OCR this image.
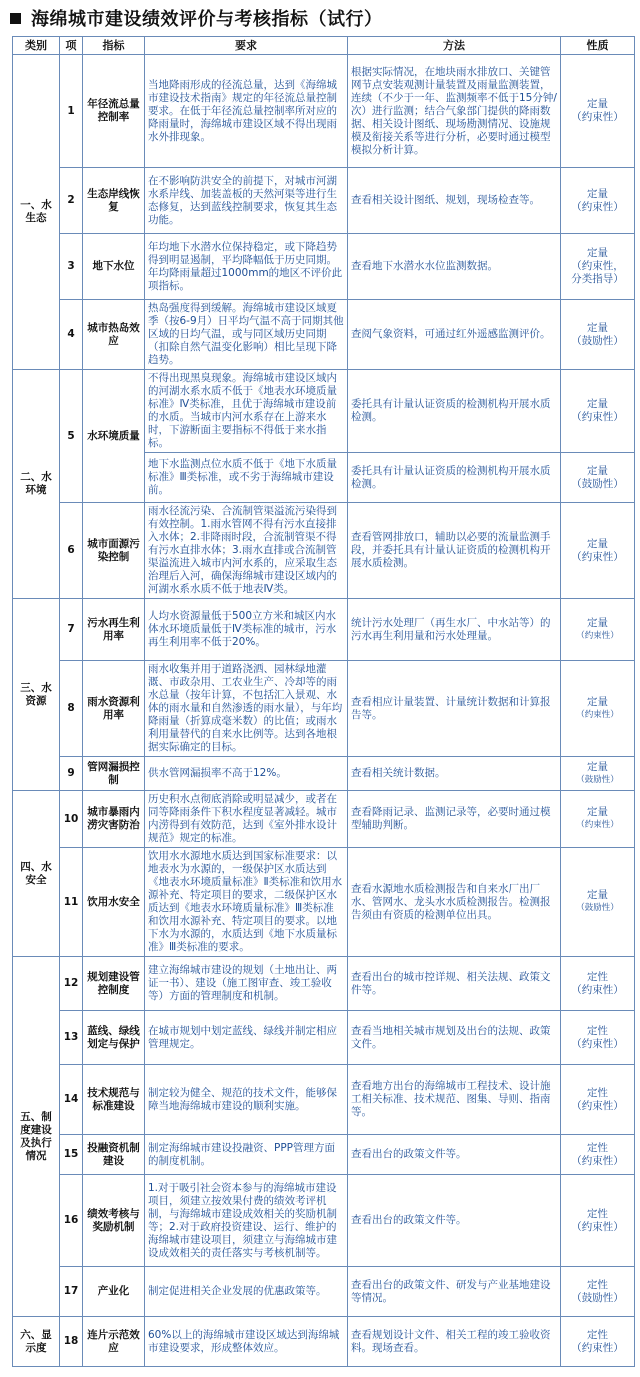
海绵城市建设绩效评价与考核指标（试行）
类别	项	指标	要求	方法	性质
一、水生态	1	年径流总量控制率	当地降雨形成的径流总量，达到《海绵城市建设技术指南》规定的年径流总量控制要求。在低于年径流总量控制率所对应的降雨量时，海绵城市建设区域不得出现雨水外排现象。	根据实际情况，在地块雨水排放口、关键管网节点安装观测计量装置及雨量监测装置，连续（不少于一年、监测频率不低于15分钟/次）进行监测；结合气象部门提供的降雨数据、相关设计图纸、现场勘测情况、设施规模及衔接关系等进行分析，必要时通过模型模拟分析计算。	定量
（约束性）

	2	生态岸线恢复	在不影响防洪安全的前提下，对城市河湖水系岸线、加装盖板的天然河渠等进行生态修复，达到蓝线控制要求，恢复其生态功能。	查看相关设计图纸、规划，现场检查等。	定量
（约束性）

	3	地下水位	年均地下水潜水位保持稳定，或下降趋势得到明显遏制，平均降幅低于历史同期。年均降雨量超过1000mm的地区不评价此项指标。	查看地下水潜水水位监测数据。	定量
（约束性，
分类指导）

	4	城市热岛效应	热岛强度得到缓解。海绵城市建设区域夏季（按6-9月）日平均气温不高于同期其他区域的日均气温，或与同区域历史同期（扣除自然气温变化影响）相比呈现下降趋势。	查阅气象资料，可通过红外遥感监测评价。	定量
（鼓励性）

二、水环境	5	水环境质量	不得出现黑臭现象。海绵城市建设区域内的河湖水系水质不低于《地表水环境质量标准》Ⅳ类标准，且优于海绵城市建设前的水质。当城市内河水系存在上游来水时，下游断面主要指标不得低于来水指标。	委托具有计量认证资质的检测机构开展水质检测。	定量
（约束性）

			地下水监测点位水质不低于《地下水质量标准》Ⅲ类标准，或不劣于海绵城市建设前。	委托具有计量认证资质的检测机构开展水质检测。	定量
（鼓励性）

	6	城市面源污染控制	雨水径流污染、合流制管渠溢流污染得到有效控制。1.雨水管网不得有污水直接排入水体；2.非降雨时段，合流制管渠不得有污水直排水体；3.雨水直排或合流制管渠溢流进入城市内河水系的，应采取生态治理后入河，确保海绵城市建设区域内的河湖水系水质不低于地表Ⅳ类。	查看管网排放口，辅助以必要的流量监测手段，并委托具有计量认证资质的检测机构开展水质检测。	定量
（约束性）

三、水资源	7	污水再生利用率	人均水资源量低于500立方米和城区内水体水环境质量低于Ⅳ类标准的城市，污水再生利用率不低于20%。	统计污水处理厂（再生水厂、中水站等）的污水再生利用量和污水处理量。	定量
（约束性）

	8	雨水资源利用率	雨水收集并用于道路浇洒、园林绿地灌溉、市政杂用、工农业生产、冷却等的雨水总量（按年计算，不包括汇入景观、水体的雨水量和自然渗透的雨水量），与年均降雨量（折算成毫米数）的比值；或雨水利用量替代的自来水比例等。达到各地根据实际确定的目标。	查看相应计量装置、计量统计数据和计算报告等。	定量
（约束性）

	9	管网漏损控制	供水管网漏损率不高于12%。	查看相关统计数据。	定量
（鼓励性）

四、水安全	10	城市暴雨内涝灾害防治	历史积水点彻底消除或明显减少，或者在同等降雨条件下积水程度显著减轻。城市内涝得到有效防范，达到《室外排水设计规范》规定的标准。	查看降雨记录、监测记录等，必要时通过模型辅助判断。	定量
（约束性）

	11	饮用水安全	饮用水水源地水质达到国家标准要求：以地表水为水源的，一级保护区水质达到《地表水环境质量标准》Ⅱ类标准和饮用水源补充、特定项目的要求，二级保护区水质达到《地表水环境质量标准》Ⅲ类标准和饮用水源补充、特定项目的要求。以地下水为水源的，水质达到《地下水质量标准》Ⅲ类标准的要求。	查看水源地水质检测报告和自来水厂出厂水、管网水、龙头水水质检测报告。检测报告须由有资质的检测单位出具。	定量
（鼓励性）

五、制度建设及执行情况	12	规划建设管控制度	建立海绵城市建设的规划（土地出让、两证一书）、建设（施工图审查、竣工验收等）方面的管理制度和机制。	查看出台的城市控详规、相关法规、政策文件等。	定性
（约束性）

	13	蓝线、绿线划定与保护	在城市规划中划定蓝线、绿线并制定相应管理规定。	查看当地相关城市规划及出台的法规、政策文件。	定性
（约束性）

	14	技术规范与标准建设	制定较为健全、规范的技术文件，能够保障当地海绵城市建设的顺利实施。	查看地方出台的海绵城市工程技术、设计施工相关标准、技术规范、图集、导则、指南等。	定性
（约束性）

	15	投融资机制建设	制定海绵城市建设投融资、PPP管理方面的制度机制。	查看出台的政策文件等。	定性
（约束性）

	16	绩效考核与奖励机制	1.对于吸引社会资本参与的海绵城市建设项目，须建立按效果付费的绩效考评机制，与海绵城市建设成效相关的奖励机制等；2.对于政府投资建设、运行、维护的海绵城市建设项目，须建立与海绵城市建设成效相关的责任落实与考核机制等。	查看出台的政策文件等。	定性
（约束性）

	17	产业化	制定促进相关企业发展的优惠政策等。	查看出台的政策文件、研发与产业基地建设等情况。	定性
（鼓励性）

六、显示度	18	连片示范效应	60%以上的海绵城市建设区域达到海绵城市建设要求，形成整体效应。	查看规划设计文件、相关工程的竣工验收资料。现场查看。	定性
（约束性）
